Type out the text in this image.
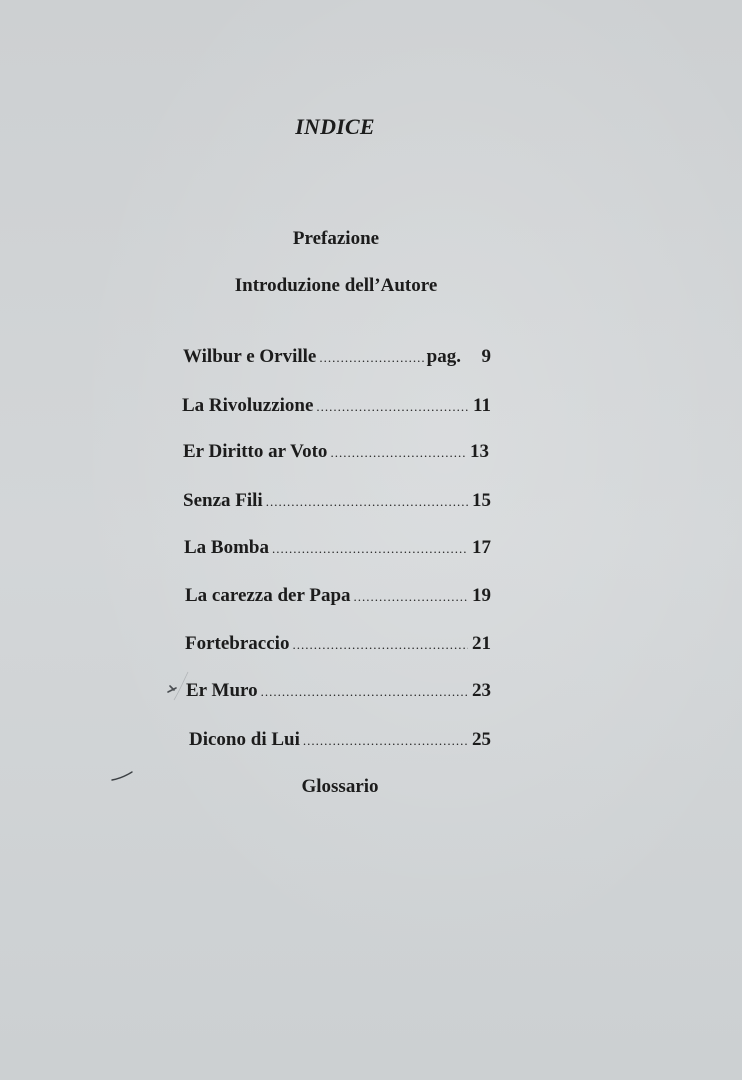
INDICE
Prefazione
Introduzione dell’Autore
Wilbur e Orville .....	pag.	9
La Rivoluzzione .....	11
Er Diritto ar Voto .....	13
Senza Fili .....	15
La Bomba .....	17
La carezza der Papa .....	19
Fortebraccio .....	21
Er Muro .....	23
Dicono di Lui .....	25
Glossario
